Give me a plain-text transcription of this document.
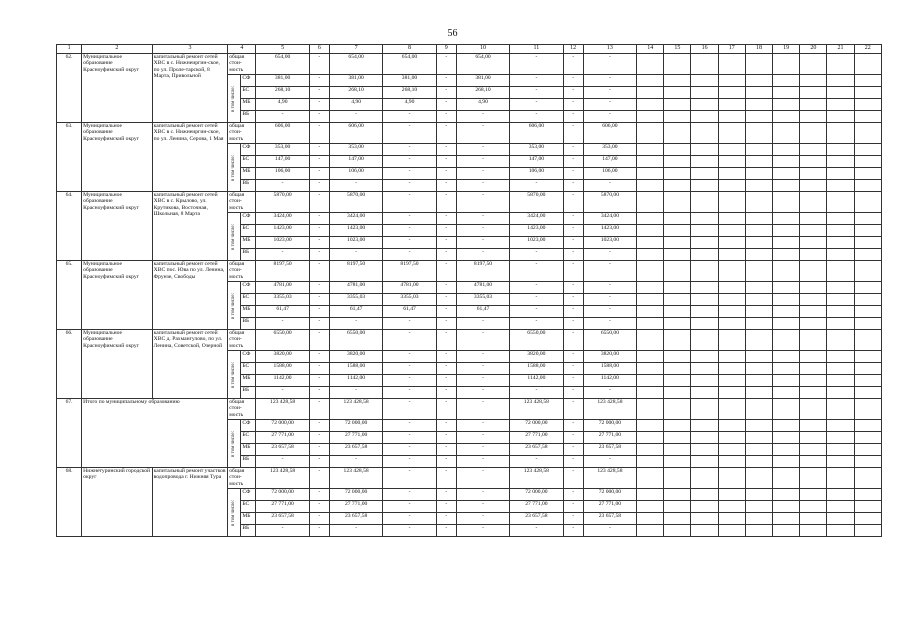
56
1	2	3	4		5	6	7	8	9	10	11	12	13	14	15	16	17	18	19	20	21	22
62.	Муниципальное образование Красноуфимский округ	капитальный ремонт сетей ХВС в с. Нижнеиргин-ское, по ул. Проле-тарской, 8 Марта, Привольной	общая стои-мость		654,00	-	654,00	654,00	-	654,00	-	-	-									

			в том числе:	СФ	381,00	-	381,00	381,00	-	381,00	-	-	-									
				БС	268,10	-	268,10	268,10	-	268,10	-	-	-									
				МБ	4,90	-	4,90	4,90	-	4,90	-	-	-									
				ВБ	-	-	-	-	-	-	-	-	-									
63.	Муниципальное образование Красноуфимский округ	капитальный ремонт сетей ХВС в с. Нижнеиргин-ское, по ул. Ленина, Серова, 1 Мая	общая стои-мость		606,00	-	606,00	-	-	-	606,00	-	606,00									

			в том числе:	СФ	353,00	-	353,00	-	-	-	353,00	-	353,00									
				БС	147,00	-	147,00	-	-	-	147,00	-	147,00									
				МБ	106,00	-	106,00	-	-	-	106,00	-	106,00									
				ВБ	-	-	-	-	-	-	-	-	-									
64.	Муниципальное образование Красноуфимский округ	капитальный ремонт сетей ХВС в с. Крылово, ул. Крутикова, Восточная, Школьная, 8 Марта	общая стои-мость		5870,00	-	5870,00	-	-	-	5870,00	-	5870,00									

			в том числе:	СФ	3424,00	-	3424,00	-	-	-	3424,00	-	3424,00									
				БС	1423,00	-	1423,00	-	-	-	1423,00	-	1423,00									
				МБ	1023,00	-	1023,00	-	-	-	1023,00	-	1023,00									
				ВБ	-	-	-	-	-	-	-	-	-									
65.	Муниципальное образование Красноуфимский округ	капитальный ремонт сетей ХВС пос. Юва по ул. Ленина, Фрунзе, Свободы	общая стои-мость		8197,50	-	8197,50	8197,50	-	8197,50	-	-	-									

			в том числе:	СФ	4781,00	-	4781,00	4781,00	-	4781,00	-	-	-									
				БС	3355,03	-	3355,03	3355,03	-	3355,03	-	-	-									
				МБ	61,47	-	61,47	61,47	-	61,47	-	-	-									
				ВБ	-	-	-	-	-	-	-	-	-									
66.	Муниципальное образование Красноуфимский округ	капитальный ремонт сетей ХВС д. Рахмангулово, по ул. Ленина, Советской, Озерной	общая стои-мость		6550,00	-	6550,00	-	-	-	6550,00	-	6550,00									

			в том числе:	СФ	3820,00	-	3820,00	-	-	-	3820,00	-	3820,00									
				БС	1588,00	-	1588,00	-	-	-	1588,00	-	1588,00									
				МБ	1142,00	-	1142,00	-	-	-	1142,00	-	1142,00									
				ВБ	-	-	-	-	-	-	-	-	-									
67.	Итого по муниципальному образованию		общая стои-мость		123 428,58	-	123 428,58	-	-	-	123 428,58	-	123 428,58									

			в том числе:	СФ	72 000,00	-	72 000,00	-	-	-	72 000,00	-	72 000,00									
				БС	27 771,00	-	27 771,00	-	-	-	27 771,00	-	27 771,00									
				МБ	23 657,58	-	23 657,58	-	-	-	23 657,58	-	23 657,58									
				ВБ	-	-	-	-	-	-	-	-	-									
68.	Нижнетуринский городской округ	капитальный ремонт участков водопровода г. Нижняя Тура	общая стои-мость		123 428,58	-	123 428,58	-	-	-	123 428,58	-	123 428,58									

			в том числе:	СФ	72 000,00	-	72 000,00	-	-	-	72 000,00	-	72 000,00									
				БС	27 771,00	-	27 771,00	-	-	-	27 771,00	-	27 771,00									
				МБ	23 657,58	-	23 657,58	-	-	-	23 657,58	-	23 657,58									
				ВБ	-	-	-	-	-	-	-	-	-									
